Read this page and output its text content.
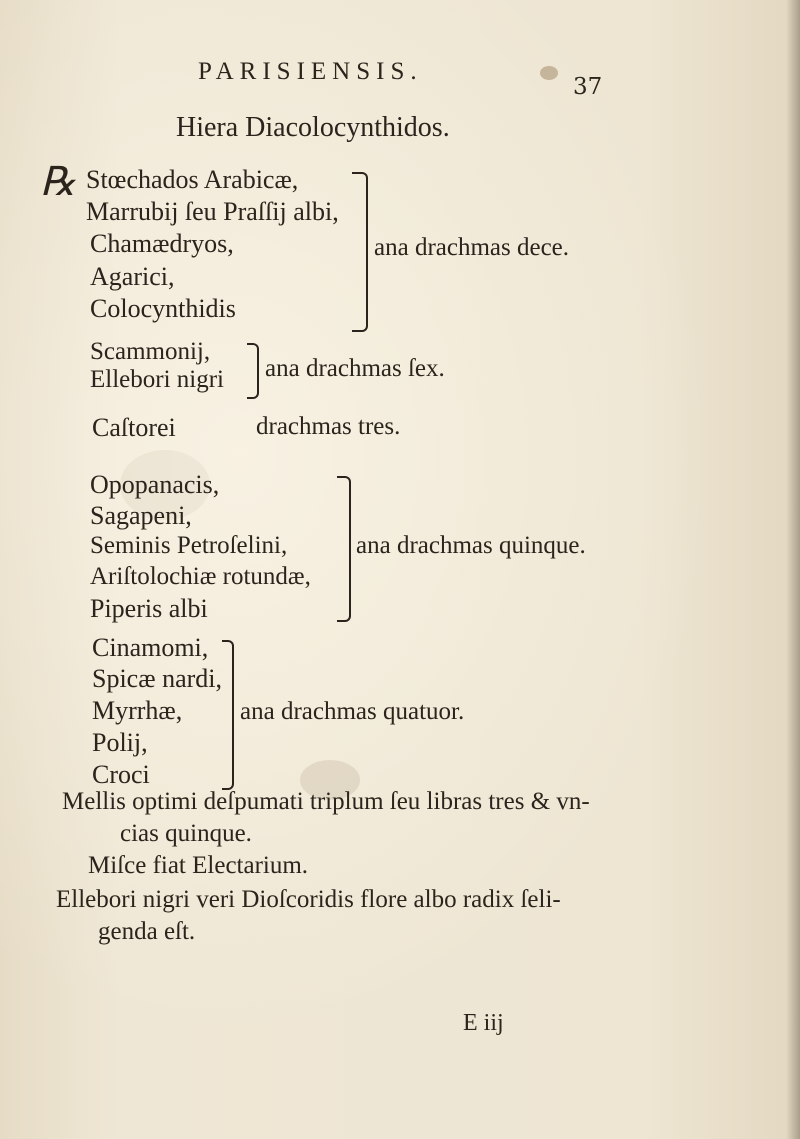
PARISIENSIS.
37
Hiera Diacolocynthidos.
℞ Stœchados Arabicæ,
Marrubij ſeu Praſſij albi,
Chamædryos,
Agarici,
Colocynthidis
ana drachmas dece.
Scammonij,
Ellebori nigri ana drachmas ſex.
Caſtorei	drachmas tres.
Opopanacis,
Sagapeni,
Seminis Petroſelini,
Ariſtolochiæ rotundæ,
Piperis albi
ana drachmas quinque.
Cinamomi,
Spicæ nardi,
Myrrhæ,
Polij,
Croci
ana drachmas quatuor.
Mellis optimi deſpumati triplum ſeu libras tres & vn-
cias quinque.
Miſce fiat Electarium.
Ellebori nigri veri Dioſcoridis flore albo radix ſeli-
genda eſt.
E iij
